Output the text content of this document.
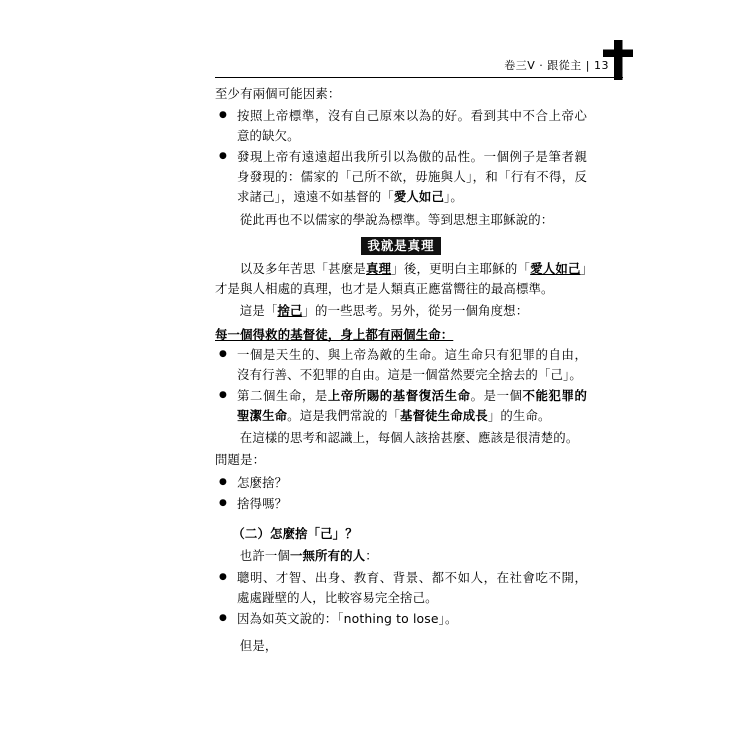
卷三V · 跟從主 | 13

至少有兩個可能因素：

● 按照上帝標準，沒有自己原來以為的好。看到其中不合上帝心意的缺欠。
● 發現上帝有遠遠超出我所引以為傲的品性。一個例子是筆者親身發現的：儒家的「己所不欲，毋施與人」，和「行有不得，反求諸己」，遠遠不如基督的「愛人如己」。

從此再也不以儒家的學說為標準。等到思想主耶穌說的：

我就是真理

以及多年苦思「甚麼是真理」後，更明白主耶穌的「愛人如己」才是與人相處的真理，也才是人類真正應當嚮往的最高標準。

這是「捨己」的一些思考。另外，從另一個角度想：

每一個得救的基督徒，身上都有兩個生命：
● 一個是天生的、與上帝為敵的生命。這生命只有犯罪的自由，沒有行善、不犯罪的自由。這是一個當然要完全捨去的「己」。
● 第二個生命，是上帝所賜的基督復活生命。是一個不能犯罪的聖潔生命。這是我們常說的「基督徒生命成長」的生命。

在這樣的思考和認識上，每個人該捨甚麼、應該是很清楚的。

問題是：

● 怎麼捨？
● 捨得嗎？
（二）怎麼捨「己」？

也許一個一無所有的人：

● 聰明、才智、出身、教育、背景、都不如人，在社會吃不開，處處踫壁的人，比較容易完全捨己。
● 因為如英文說的：「nothing to lose」。

但是，
